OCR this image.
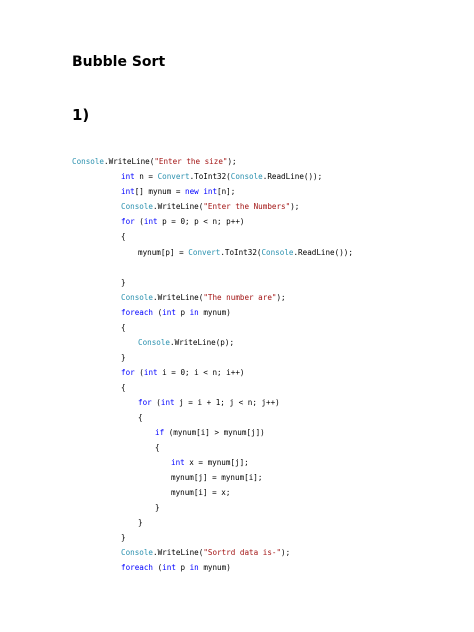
Bubble Sort
1)
Console.WriteLine("Enter the size");
int n = Convert.ToInt32(Console.ReadLine());
int[] mynum = new int[n];
Console.WriteLine("Enter the Numbers");
for (int p = 0; p < n; p++)
{
mynum[p] = Convert.ToInt32(Console.ReadLine());
}
Console.WriteLine("The number are");
foreach (int p in mynum)
{
Console.WriteLine(p);
}
for (int i = 0; i < n; i++)
{
for (int j = i + 1; j < n; j++)
{
if (mynum[i] > mynum[j])
{
int x = mynum[j];
mynum[j] = mynum[i];
mynum[i] = x;
}
}
}
Console.WriteLine("Sortrd data is-");
foreach (int p in mynum)
